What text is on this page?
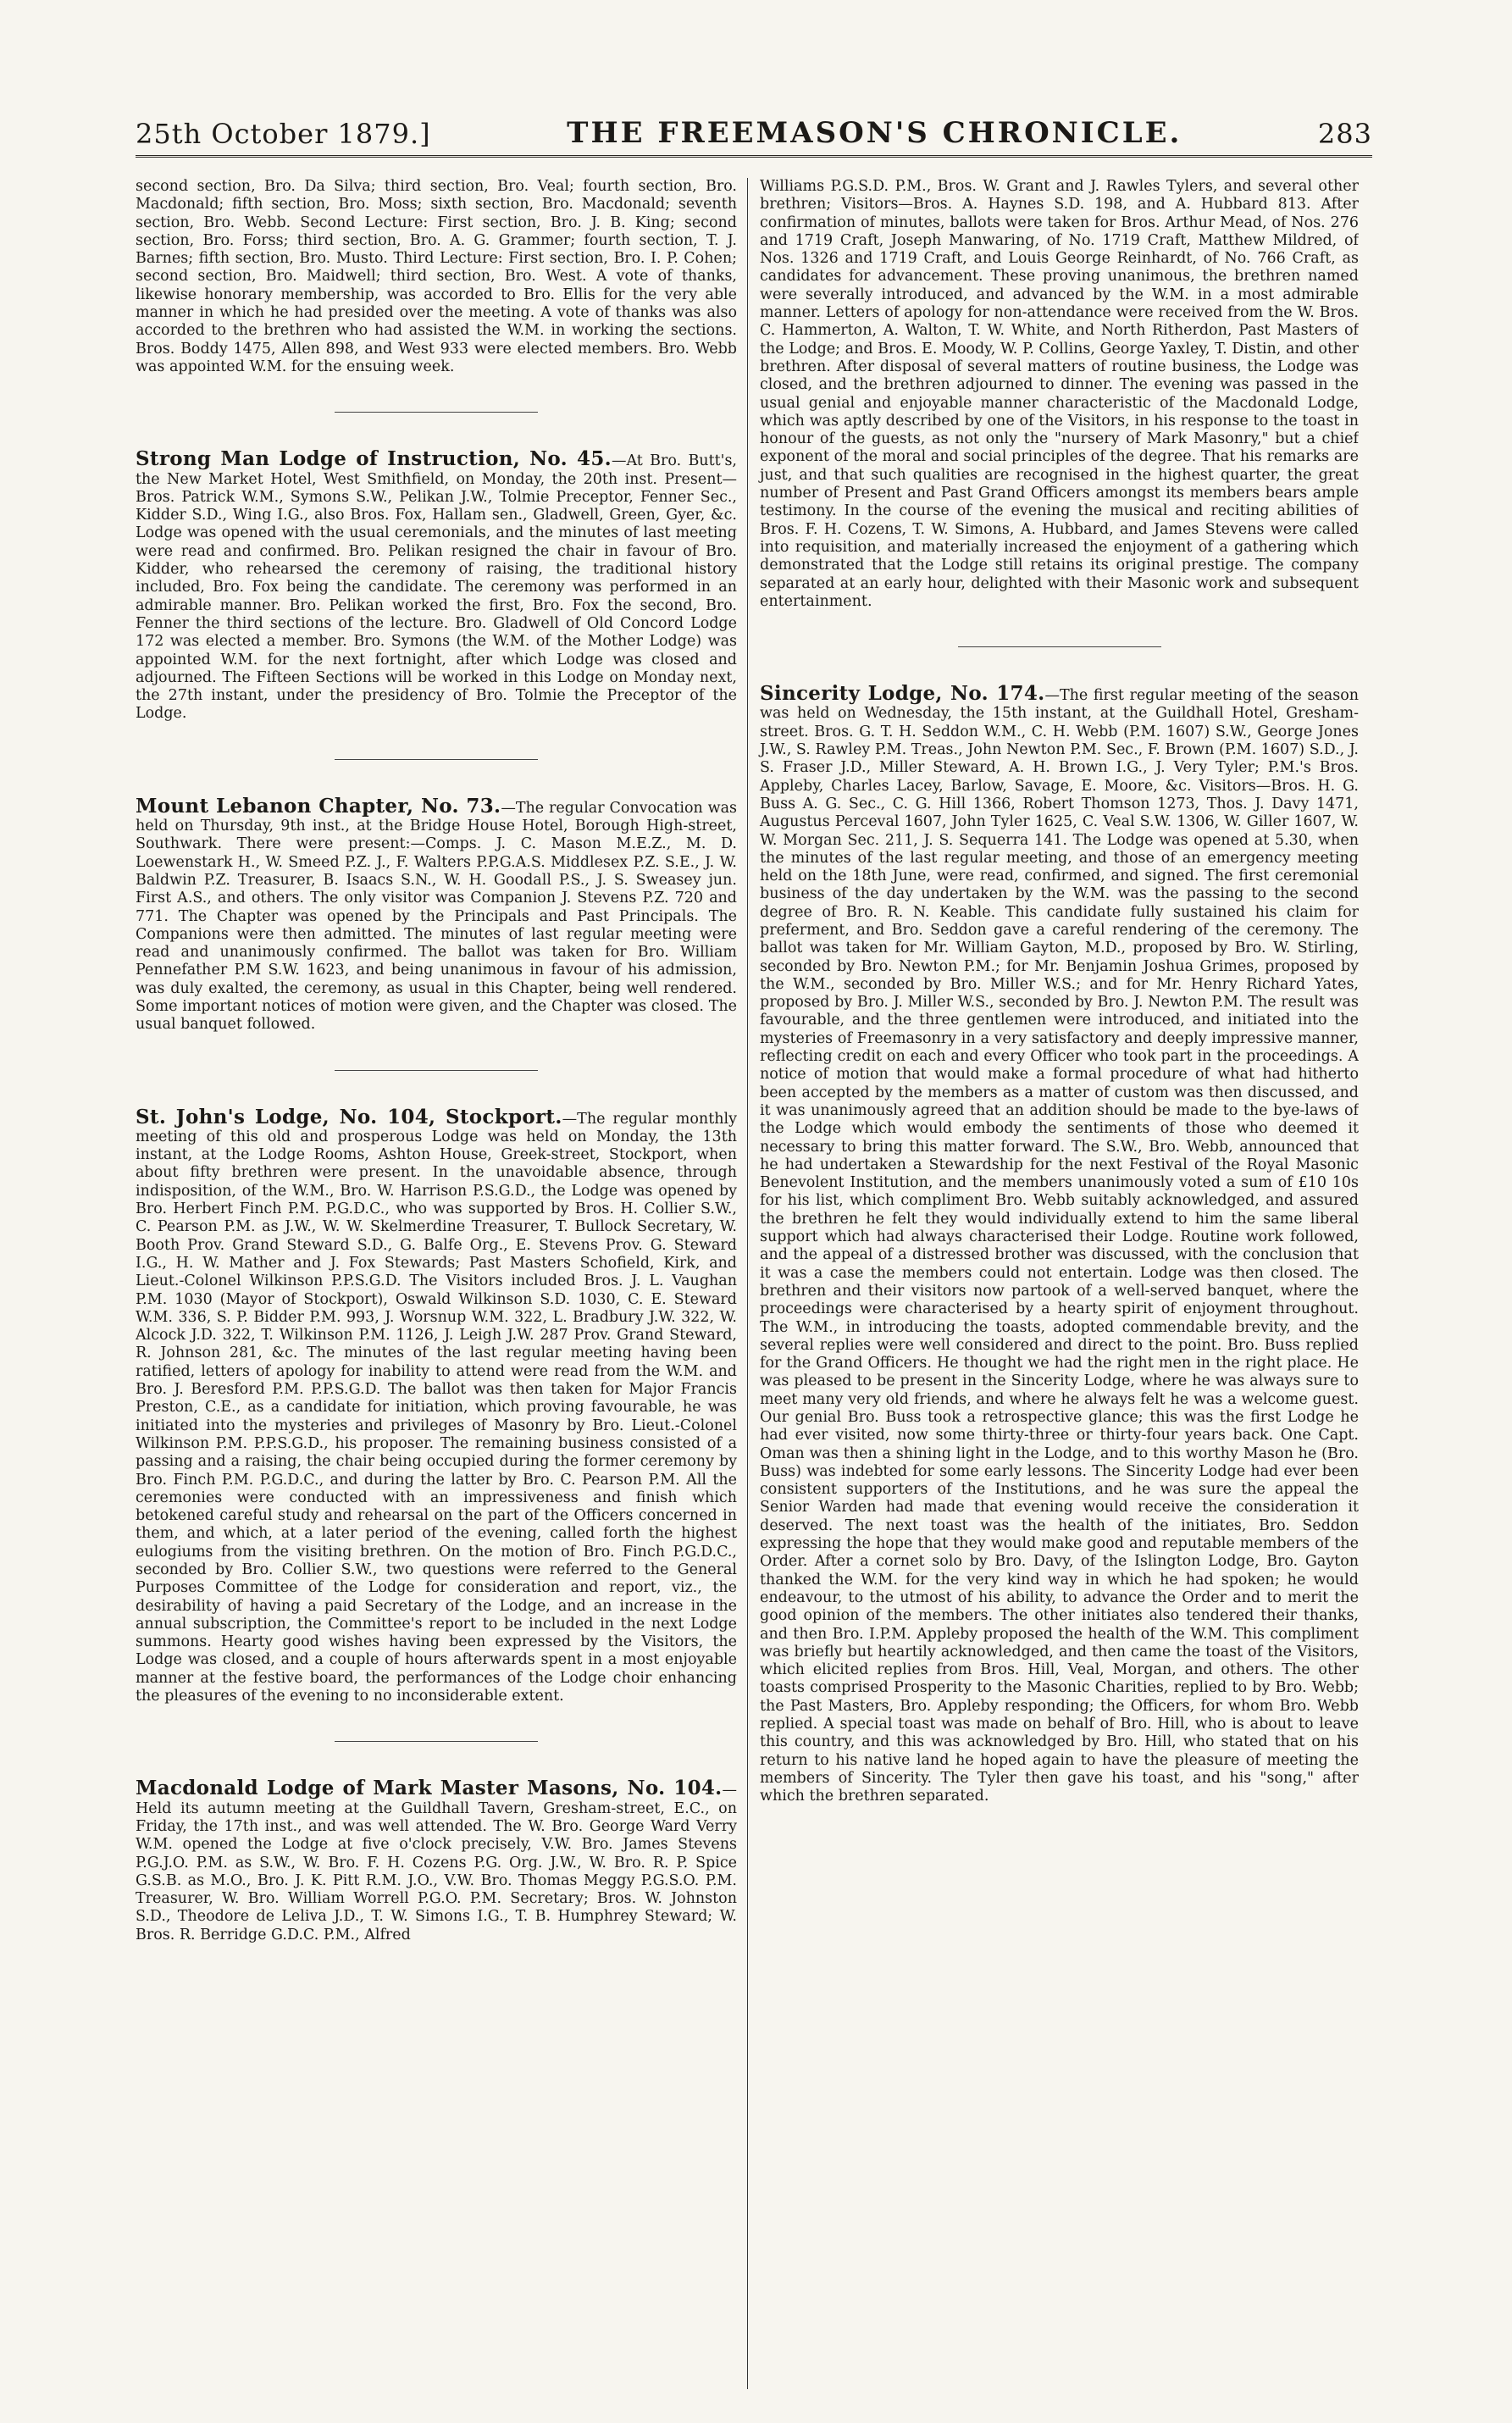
25th October 1879.]	THE FREEMASON'S CHRONICLE.	283

second section, Bro. Da Silva; third section, Bro. Veal; fourth section, Bro. Macdonald; fifth section, Bro. Moss; sixth section, Bro. Macdonald; seventh section, Bro. Webb. Second Lecture: First section, Bro. J. B. King; second section, Bro. Forss; third section, Bro. A. G. Grammer; fourth section, T. J. Barnes; fifth section, Bro. Musto. Third Lecture: First section, Bro. I. P. Cohen; second section, Bro. Maidwell; third section, Bro. West. A vote of thanks, likewise honorary membership, was accorded to Bro. Ellis for the very able manner in which he had presided over the meeting. A vote of thanks was also accorded to the brethren who had assisted the W.M. in working the sections. Bros. Boddy 1475, Allen 898, and West 933 were elected members. Bro. Webb was appointed W.M. for the ensuing week.

Strong Man Lodge of Instruction, No. 45.—At Bro. Butt's, the New Market Hotel, West Smithfield, on Monday, the 20th inst. Present—Bros. Patrick W.M., Symons S.W., Pelikan J.W., Tolmie Preceptor, Fenner Sec., Kidder S.D., Wing I.G., also Bros. Fox, Hallam sen., Gladwell, Green, Gyer, &c. Lodge was opened with the usual ceremonials, and the minutes of last meeting were read and confirmed. Bro. Pelikan resigned the chair in favour of Bro. Kidder, who rehearsed the ceremony of raising, the traditional history included, Bro. Fox being the candidate. The ceremony was performed in an admirable manner. Bro. Pelikan worked the first, Bro. Fox the second, Bro. Fenner the third sections of the lecture. Bro. Gladwell of Old Concord Lodge 172 was elected a member. Bro. Symons (the W.M. of the Mother Lodge) was appointed W.M. for the next fortnight, after which Lodge was closed and adjourned. The Fifteen Sections will be worked in this Lodge on Monday next, the 27th instant, under the presidency of Bro. Tolmie the Preceptor of the Lodge.

Mount Lebanon Chapter, No. 73.—The regular Convocation was held on Thursday, 9th inst., at the Bridge House Hotel, Borough High-street, Southwark. There were present:—Comps. J. C. Mason M.E.Z., M. D. Loewenstark H., W. Smeed P.Z. J., F. Walters P.P.G.A.S. Middlesex P.Z. S.E., J. W. Baldwin P.Z. Treasurer, B. Isaacs S.N., W. H. Goodall P.S., J. S. Sweasey jun. First A.S., and others. The only visitor was Companion J. Stevens P.Z. 720 and 771. The Chapter was opened by the Principals and Past Principals. The Companions were then admitted. The minutes of last regular meeting were read and unanimously confirmed. The ballot was taken for Bro. William Pennefather P.M S.W. 1623, and being unanimous in favour of his admission, was duly exalted, the ceremony, as usual in this Chapter, being well rendered. Some important notices of motion were given, and the Chapter was closed. The usual banquet followed.

St. John's Lodge, No. 104, Stockport.—The regular monthly meeting of this old and prosperous Lodge was held on Monday, the 13th instant, at the Lodge Rooms, Ashton House, Greek-street, Stockport, when about fifty brethren were present. In the unavoidable absence, through indisposition, of the W.M., Bro. W. Harrison P.S.G.D., the Lodge was opened by Bro. Herbert Finch P.M. P.G.D.C., who was supported by Bros. H. Collier S.W., C. Pearson P.M. as J.W., W. W. Skelmerdine Treasurer, T. Bullock Secretary, W. Booth Prov. Grand Steward S.D., G. Balfe Org., E. Stevens Prov. G. Steward I.G., H. W. Mather and J. Fox Stewards; Past Masters Schofield, Kirk, and Lieut.-Colonel Wilkinson P.P.S.G.D. The Visitors included Bros. J. L. Vaughan P.M. 1030 (Mayor of Stockport), Oswald Wilkinson S.D. 1030, C. E. Steward W.M. 336, S. P. Bidder P.M. 993, J. Worsnup W.M. 322, L. Bradbury J.W. 322, W. Alcock J.D. 322, T. Wilkinson P.M. 1126, J. Leigh J.W. 287 Prov. Grand Steward, R. Johnson 281, &c. The minutes of the last regular meeting having been ratified, letters of apology for inability to attend were read from the W.M. and Bro. J. Beresford P.M. P.P.S.G.D. The ballot was then taken for Major Francis Preston, C.E., as a candidate for initiation, which proving favourable, he was initiated into the mysteries and privileges of Masonry by Bro. Lieut.-Colonel Wilkinson P.M. P.P.S.G.D., his proposer. The remaining business consisted of a passing and a raising, the chair being occupied during the former ceremony by Bro. Finch P.M. P.G.D.C., and during the latter by Bro. C. Pearson P.M. All the ceremonies were conducted with an impressiveness and finish which betokened careful study and rehearsal on the part of the Officers concerned in them, and which, at a later period of the evening, called forth the highest eulogiums from the visiting brethren. On the motion of Bro. Finch P.G.D.C., seconded by Bro. Collier S.W., two questions were referred to the General Purposes Committee of the Lodge for consideration and report, viz., the desirability of having a paid Secretary of the Lodge, and an increase in the annual subscription, the Committee's report to be included in the next Lodge summons. Hearty good wishes having been expressed by the Visitors, the Lodge was closed, and a couple of hours afterwards spent in a most enjoyable manner at the festive board, the performances of the Lodge choir enhancing the pleasures of the evening to no inconsiderable extent.

Macdonald Lodge of Mark Master Masons, No. 104.—Held its autumn meeting at the Guildhall Tavern, Gresham-street, E.C., on Friday, the 17th inst., and was well attended. The W. Bro. George Ward Verry W.M. opened the Lodge at five o'clock precisely, V.W. Bro. James Stevens P.G.J.O. P.M. as S.W., W. Bro. F. H. Cozens P.G. Org. J.W., W. Bro. R. P. Spice G.S.B. as M.O., Bro. J. K. Pitt R.M. J.O., V.W. Bro. Thomas Meggy P.G.S.O. P.M. Treasurer, W. Bro. William Worrell P.G.O. P.M. Secretary; Bros. W. Johnston S.D., Theodore de Leliva J.D., T. W. Simons I.G., T. B. Humphrey Steward; W. Bros. R. Berridge G.D.C. P.M., Alfred

Williams P.G.S.D. P.M., Bros. W. Grant and J. Rawles Tylers, and several other brethren; Visitors—Bros. A. Haynes S.D. 198, and A. Hubbard 813. After confirmation of minutes, ballots were taken for Bros. Arthur Mead, of Nos. 276 and 1719 Craft, Joseph Manwaring, of No. 1719 Craft, Matthew Mildred, of Nos. 1326 and 1719 Craft, and Louis George Reinhardt, of No. 766 Craft, as candidates for advancement. These proving unanimous, the brethren named were severally introduced, and advanced by the W.M. in a most admirable manner. Letters of apology for non-attendance were received from the W. Bros. C. Hammerton, A. Walton, T. W. White, and North Ritherdon, Past Masters of the Lodge; and Bros. E. Moody, W. P. Collins, George Yaxley, T. Distin, and other brethren. After disposal of several matters of routine business, the Lodge was closed, and the brethren adjourned to dinner. The evening was passed in the usual genial and enjoyable manner characteristic of the Macdonald Lodge, which was aptly described by one of the Visitors, in his response to the toast in honour of the guests, as not only the "nursery of Mark Masonry," but a chief exponent of the moral and social principles of the degree. That his remarks are just, and that such qualities are recognised in the highest quarter, the great number of Present and Past Grand Officers amongst its members bears ample testimony. In the course of the evening the musical and reciting abilities of Bros. F. H. Cozens, T. W. Simons, A. Hubbard, and James Stevens were called into requisition, and materially increased the enjoyment of a gathering which demonstrated that the Lodge still retains its original prestige. The company separated at an early hour, delighted with their Masonic work and subsequent entertainment.

Sincerity Lodge, No. 174.—The first regular meeting of the season was held on Wednesday, the 15th instant, at the Guildhall Hotel, Gresham-street. Bros. G. T. H. Seddon W.M., C. H. Webb (P.M. 1607) S.W., George Jones J.W., S. Rawley P.M. Treas., John Newton P.M. Sec., F. Brown (P.M. 1607) S.D., J. S. Fraser J.D., Miller Steward, A. H. Brown I.G., J. Very Tyler; P.M.'s Bros. Appleby, Charles Lacey, Barlow, Savage, E. Moore, &c. Visitors—Bros. H. G. Buss A. G. Sec., C. G. Hill 1366, Robert Thomson 1273, Thos. J. Davy 1471, Augustus Perceval 1607, John Tyler 1625, C. Veal S.W. 1306, W. Giller 1607, W. W. Morgan Sec. 211, J. S. Sequerra 141. The Lodge was opened at 5.30, when the minutes of the last regular meeting, and those of an emergency meeting held on the 18th June, were read, confirmed, and signed. The first ceremonial business of the day undertaken by the W.M. was the passing to the second degree of Bro. R. N. Keable. This candidate fully sustained his claim for preferment, and Bro. Seddon gave a careful rendering of the ceremony. The ballot was taken for Mr. William Gayton, M.D., proposed by Bro. W. Stirling, seconded by Bro. Newton P.M.; for Mr. Benjamin Joshua Grimes, proposed by the W.M., seconded by Bro. Miller W.S.; and for Mr. Henry Richard Yates, proposed by Bro. J. Miller W.S., seconded by Bro. J. Newton P.M. The result was favourable, and the three gentlemen were introduced, and initiated into the mysteries of Freemasonry in a very satisfactory and deeply impressive manner, reflecting credit on each and every Officer who took part in the proceedings. A notice of motion that would make a formal procedure of what had hitherto been accepted by the members as a matter of custom was then discussed, and it was unanimously agreed that an addition should be made to the bye-laws of the Lodge which would embody the sentiments of those who deemed it necessary to bring this matter forward. The S.W., Bro. Webb, announced that he had undertaken a Stewardship for the next Festival of the Royal Masonic Benevolent Institution, and the members unanimously voted a sum of £10 10s for his list, which compliment Bro. Webb suitably acknowledged, and assured the brethren he felt they would individually extend to him the same liberal support which had always characterised their Lodge. Routine work followed, and the appeal of a distressed brother was discussed, with the conclusion that it was a case the members could not entertain. Lodge was then closed. The brethren and their visitors now partook of a well-served banquet, where the proceedings were characterised by a hearty spirit of enjoyment throughout. The W.M., in introducing the toasts, adopted commendable brevity, and the several replies were well considered and direct to the point. Bro. Buss replied for the Grand Officers. He thought we had the right men in the right place. He was pleased to be present in the Sincerity Lodge, where he was always sure to meet many very old friends, and where he always felt he was a welcome guest. Our genial Bro. Buss took a retrospective glance; this was the first Lodge he had ever visited, now some thirty-three or thirty-four years back. One Capt. Oman was then a shining light in the Lodge, and to this worthy Mason he (Bro. Buss) was indebted for some early lessons. The Sincerity Lodge had ever been consistent supporters of the Institutions, and he was sure the appeal the Senior Warden had made that evening would receive the consideration it deserved. The next toast was the health of the initiates, Bro. Seddon expressing the hope that they would make good and reputable members of the Order. After a cornet solo by Bro. Davy, of the Islington Lodge, Bro. Gayton thanked the W.M. for the very kind way in which he had spoken; he would endeavour, to the utmost of his ability, to advance the Order and to merit the good opinion of the members. The other initiates also tendered their thanks, and then Bro. I.P.M. Appleby proposed the health of the W.M. This compliment was briefly but heartily acknowledged, and then came the toast of the Visitors, which elicited replies from Bros. Hill, Veal, Morgan, and others. The other toasts comprised Prosperity to the Masonic Charities, replied to by Bro. Webb; the Past Masters, Bro. Appleby responding; the Officers, for whom Bro. Webb replied. A special toast was made on behalf of Bro. Hill, who is about to leave this country, and this was acknowledged by Bro. Hill, who stated that on his return to his native land he hoped again to have the pleasure of meeting the members of Sincerity. The Tyler then gave his toast, and his "song," after which the brethren separated.
